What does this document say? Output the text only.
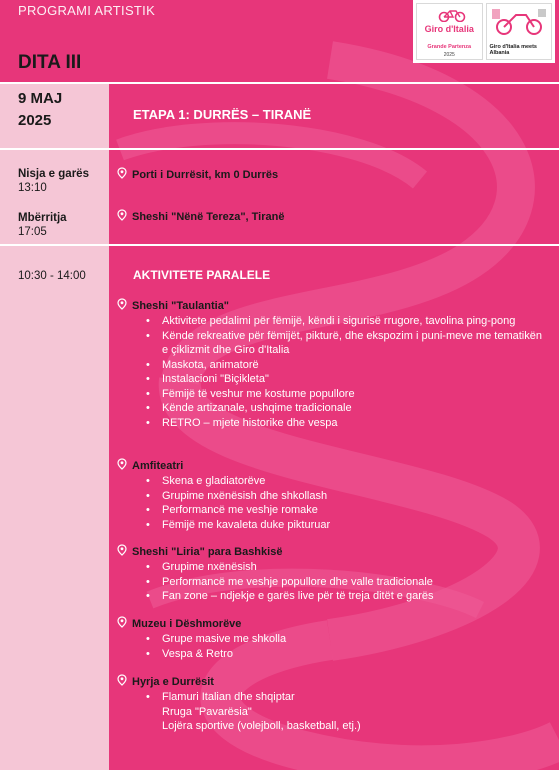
PROGRAMI ARTISTIK
Giro d'Italia
Grande Partenza
2025
Giro d'Italia meets Albania
DITA III
9 MAJ
2025	ETAPA 1: DURRËS – TIRANË
Nisja e garës
13:10
Mbërritja
17:05
Porti i Durrësit, km 0 Durrës
Sheshi "Nënë Tereza", Tiranë
10:30 - 14:00	AKTIVITETE PARALELE
Sheshi "Taulantia"
• Aktivitete pedalimi për fëmijë, këndi i sigurisë rrugore, tavolina ping-pong
• Kënde rekreative për fëmijët, pikturë, dhe ekspozim i puni-meve me tematikën e çiklizmit dhe Giro d'Italia
• Maskota, animatorë
• Instalacioni "Biçikleta"
• Fëmijë të veshur me kostume popullore
• Kënde artizanale, ushqime tradicionale
• RETRO – mjete historike dhe vespa
Amfiteatri
• Skena e gladiatorëve
• Grupime nxënësish dhe shkollash
• Performancë me veshje romake
• Fëmijë me kavaleta duke pikturuar
Sheshi "Liria" para Bashkisë
• Grupime nxënësish
• Performancë me veshje popullore dhe valle tradicionale
• Fan zone – ndjekje e garës live për të treja ditët e garës
Muzeu i Dëshmorëve
• Grupe masive me shkolla
• Vespa & Retro
Hyrja e Durrësit
• Flamuri Italian dhe shqiptar
Rruga "Pavarësia"
Lojëra sportive (volejboll, basketball, etj.)
